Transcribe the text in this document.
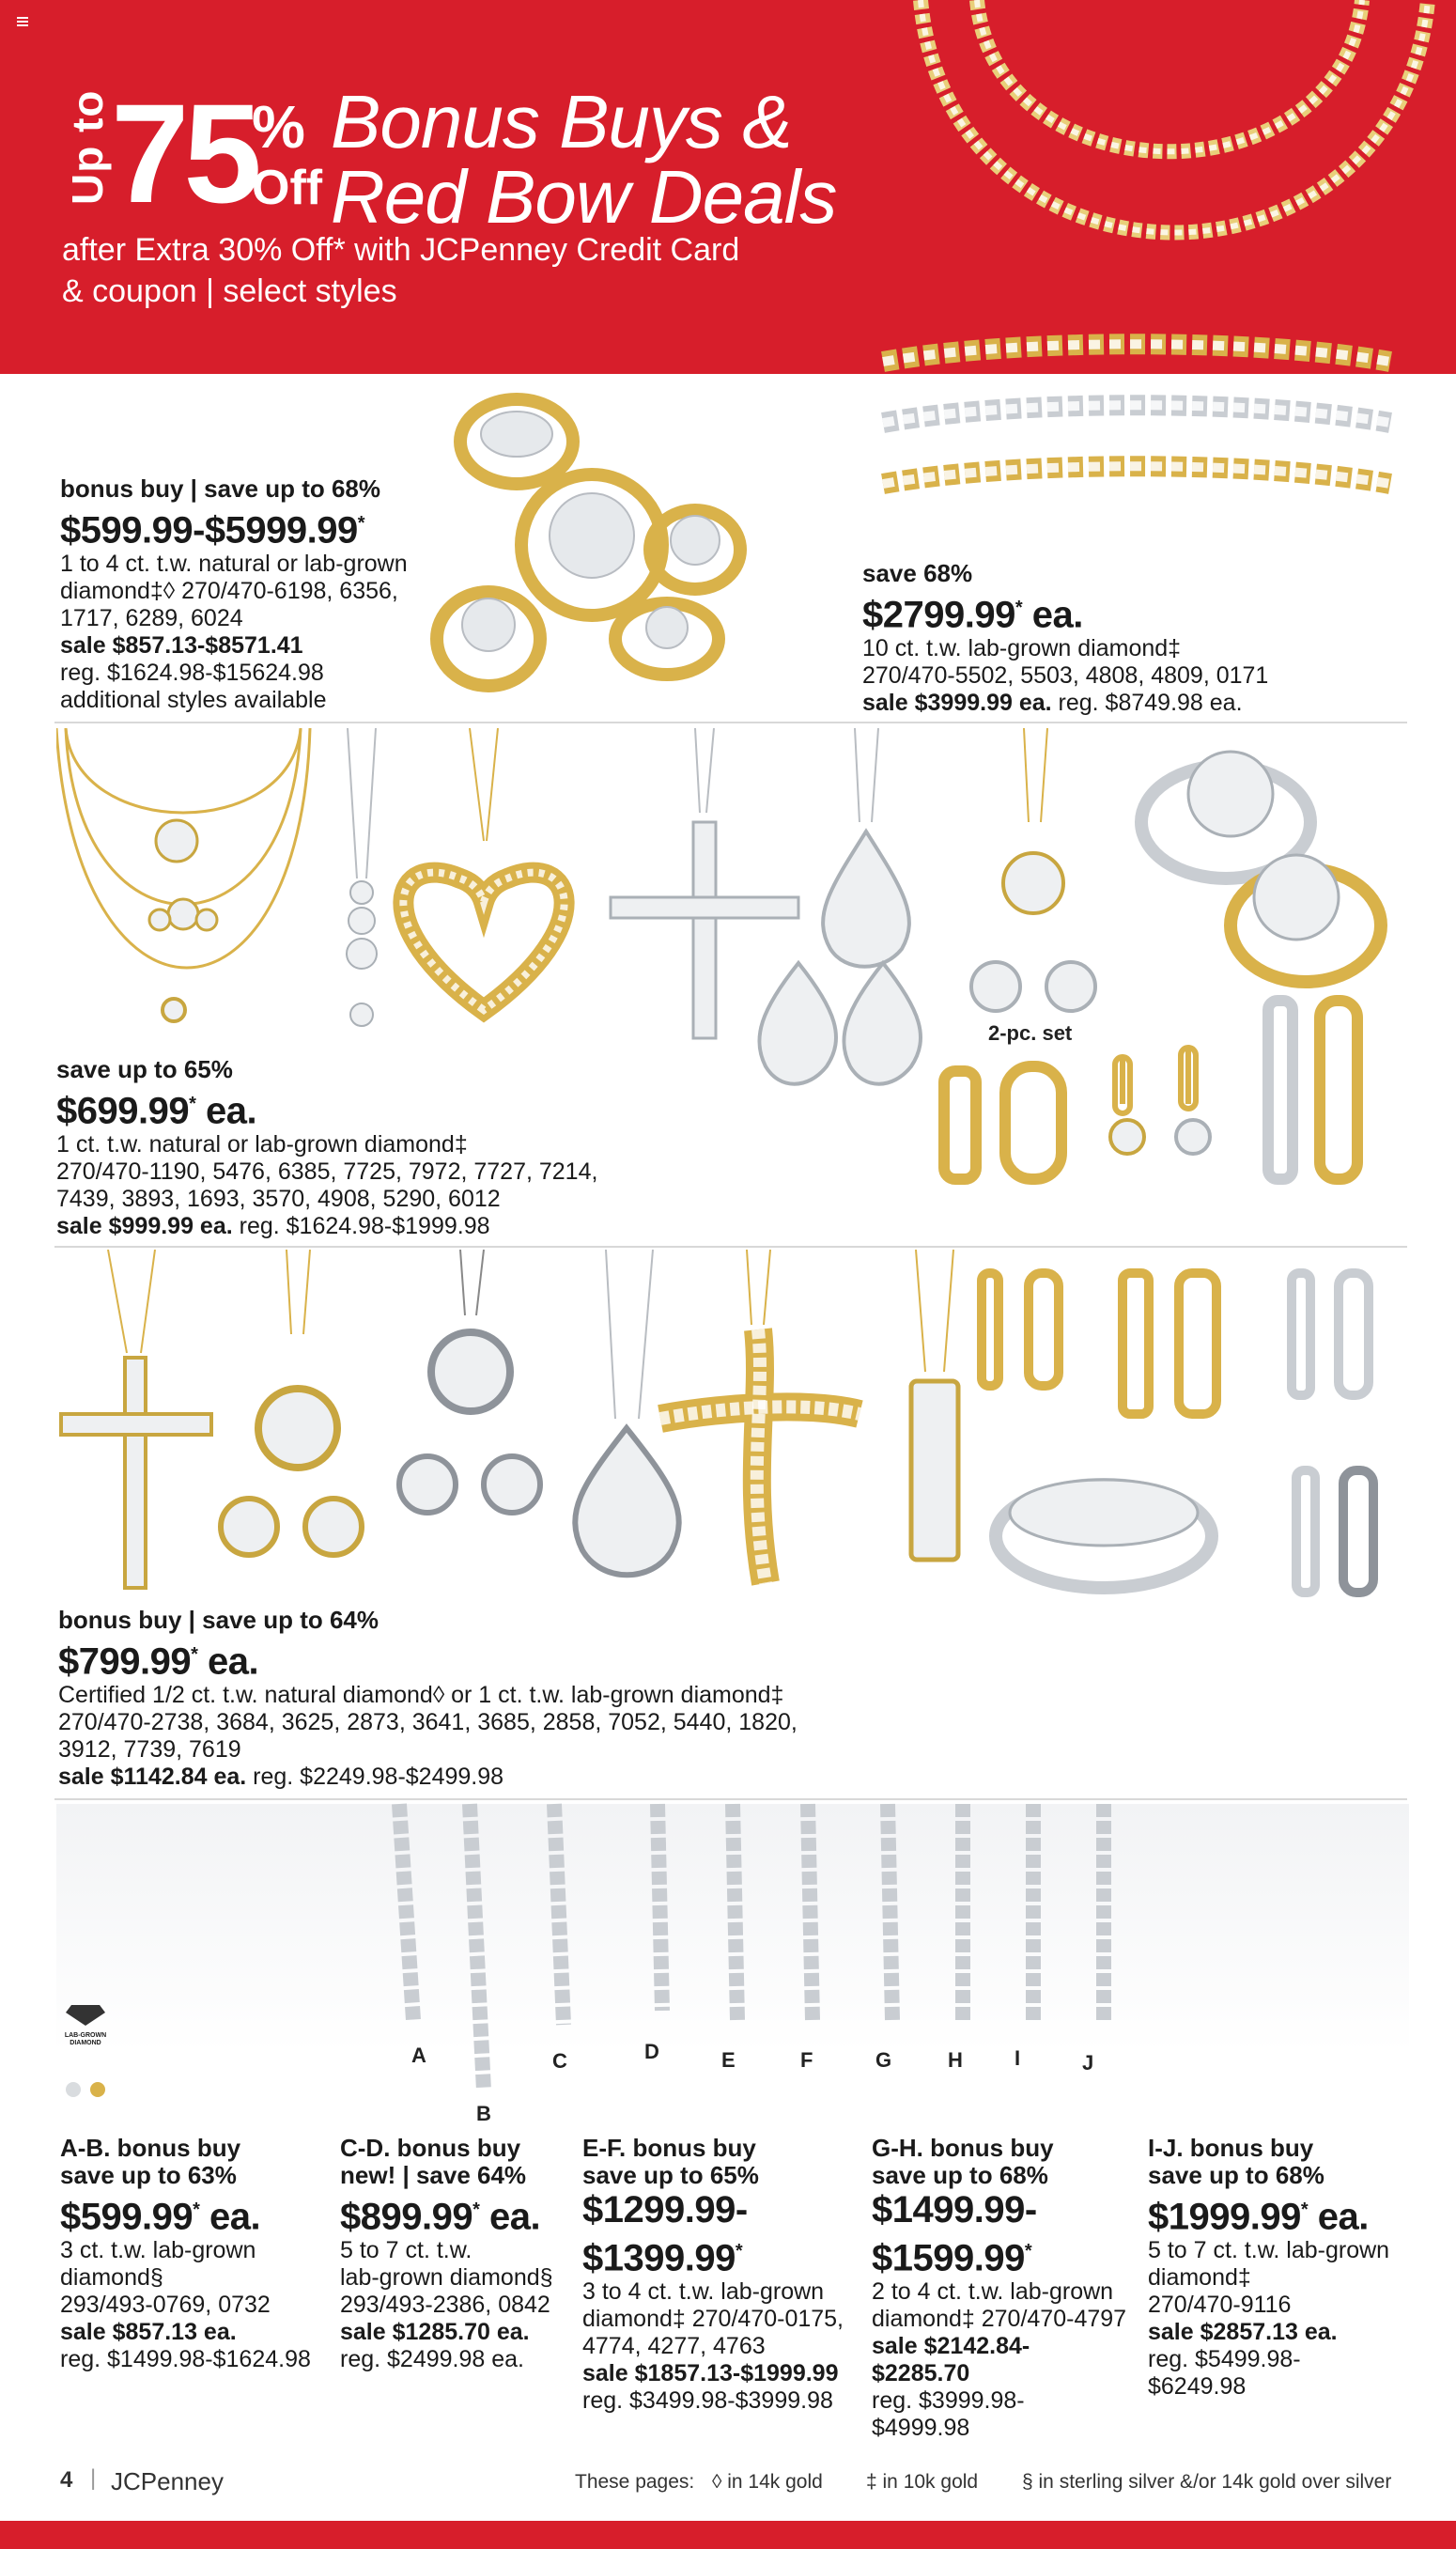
Up to 75
%
Off
Bonus Buys &
Red Bow Deals
after Extra 30% Off* with JCPenney Credit Card
& coupon | select styles
bonus buy | save up to 68%
$599.99-$5999.99*
1 to 4 ct. t.w. natural or lab-grown
diamond‡◊ 270/470-6198, 6356,
1717, 6289, 6024
sale $857.13-$8571.41
reg. $1624.98-$15624.98
additional styles available
save 68%
$2799.99* ea.
10 ct. t.w. lab-grown diamond‡
270/470-5502, 5503, 4808, 4809, 0171
sale $3999.99 ea. reg. $8749.98 ea.
2-pc. set
save up to 65%
$699.99* ea.
1 ct. t.w. natural or lab-grown diamond‡
270/470-1190, 5476, 6385, 7725, 7972, 7727, 7214,
7439, 3893, 1693, 3570, 4908, 5290, 6012
sale $999.99 ea. reg. $1624.98-$1999.98
bonus buy | save up to 64%
$799.99* ea.
Certified 1/2 ct. t.w. natural diamond◊ or 1 ct. t.w. lab-grown diamond‡
270/470-2738, 3684, 3625, 2873, 3641, 3685, 2858, 7052, 5440, 1820,
3912, 7739, 7619
sale $1142.84 ea. reg. $2249.98-$2499.98
A
B
C	D	E	F	G	H	I	J
LAB-GROWN DIAMOND
A-B. bonus buy
save up to 63%
$599.99* ea.
3 ct. t.w. lab-grown
diamond§
293/493-0769, 0732
sale $857.13 ea.
reg. $1499.98-$1624.98
C-D. bonus buy
new! | save 64%
$899.99* ea.
5 to 7 ct. t.w.
lab-grown diamond§
293/493-2386, 0842
sale $1285.70 ea.
reg. $2499.98 ea.
E-F. bonus buy
save up to 65%
$1299.99-
$1399.99*
3 to 4 ct. t.w. lab-grown
diamond‡ 270/470-0175,
4774, 4277, 4763
sale $1857.13-$1999.99
reg. $3499.98-$3999.98
G-H. bonus buy
save up to 68%
$1499.99-
$1599.99*
2 to 4 ct. t.w. lab-grown
diamond‡ 270/470-4797
sale $2142.84-
$2285.70
reg. $3999.98-
$4999.98
I-J. bonus buy
save up to 68%
$1999.99* ea.
5 to 7 ct. t.w. lab-grown
diamond‡
270/470-9116
sale $2857.13 ea.
reg. $5499.98-
$6249.98
4 | JCPenney	These pages: ◊ in 14k gold ‡ in 10k gold § in sterling silver &/or 14k gold over silver
